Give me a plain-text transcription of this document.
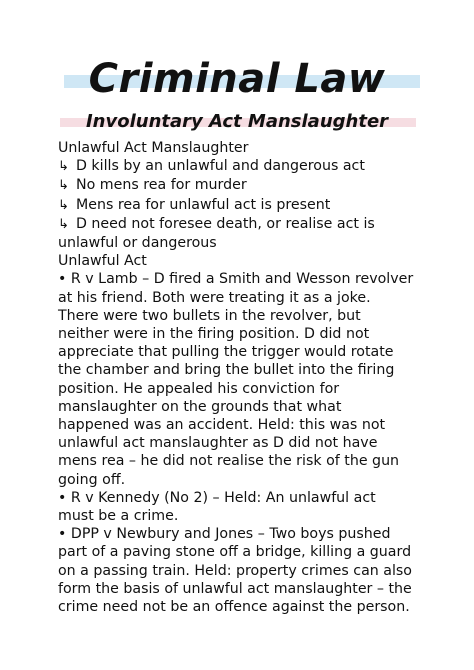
Criminal Law
Involuntary Act Manslaughter
Unlawful Act Manslaughter
↳ D kills by an unlawful and dangerous act
↳ No mens rea for murder
↳ Mens rea for unlawful act is present
↳ D need not foresee death, or realise act is
unlawful or dangerous
Unlawful Act
• R v Lamb – D fired a Smith and Wesson revolver
at his friend. Both were treating it as a joke.
There were two bullets in the revolver, but
neither were in the firing position. D did not
appreciate that pulling the trigger would rotate
the chamber and bring the bullet into the firing
position. He appealed his conviction for
manslaughter on the grounds that what
happened was an accident. Held: this was not
unlawful act manslaughter as D did not have
mens rea – he did not realise the risk of the gun
going off.
• R v Kennedy (No 2) – Held: An unlawful act
must be a crime.
• DPP v Newbury and Jones – Two boys pushed
part of a paving stone off a bridge, killing a guard
on a passing train. Held: property crimes can also
form the basis of unlawful act manslaughter – the
crime need not be an offence against the person.
